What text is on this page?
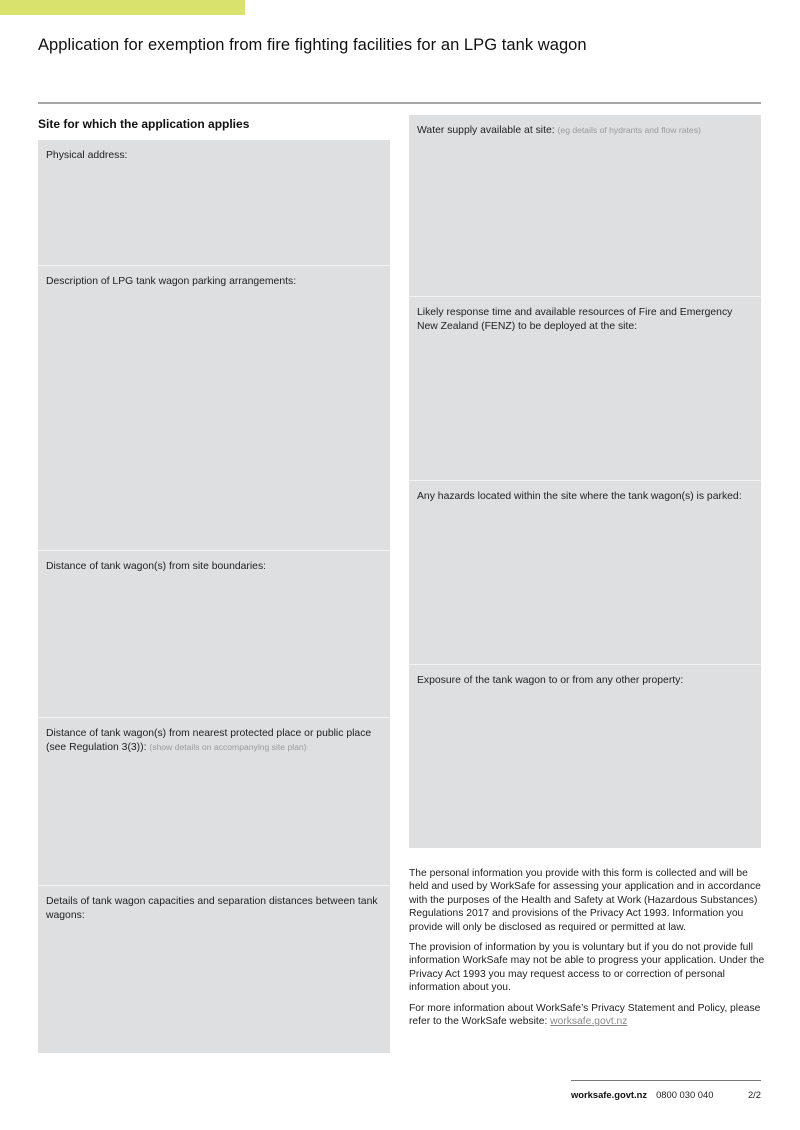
Application for exemption from fire fighting facilities for an LPG tank wagon
Site for which the application applies
Physical address:
Description of LPG tank wagon parking arrangements:
Distance of tank wagon(s) from site boundaries:
Distance of tank wagon(s) from nearest protected place or public place (see Regulation 3(3)): (show details on accompanying site plan)
Details of tank wagon capacities and separation distances between tank wagons:
Water supply available at site: (eg details of hydrants and flow rates)
Likely response time and available resources of Fire and Emergency New Zealand (FENZ) to be deployed at the site:
Any hazards located within the site where the tank wagon(s) is parked:
Exposure of the tank wagon to or from any other property:

The personal information you provide with this form is collected and will be held and used by WorkSafe for assessing your application and in accordance with the purposes of the Health and Safety at Work (Hazardous Substances) Regulations 2017 and provisions of the Privacy Act 1993. Information you provide will only be disclosed as required or permitted at law.

The provision of information by you is voluntary but if you do not provide full information WorkSafe may not be able to progress your application. Under the Privacy Act 1993 you may request access to or correction of personal information about you.

For more information about WorkSafe’s Privacy Statement and Policy, please refer to the WorkSafe website: worksafe.govt.nz

worksafe.govt.nz 0800 030 040	2/2
